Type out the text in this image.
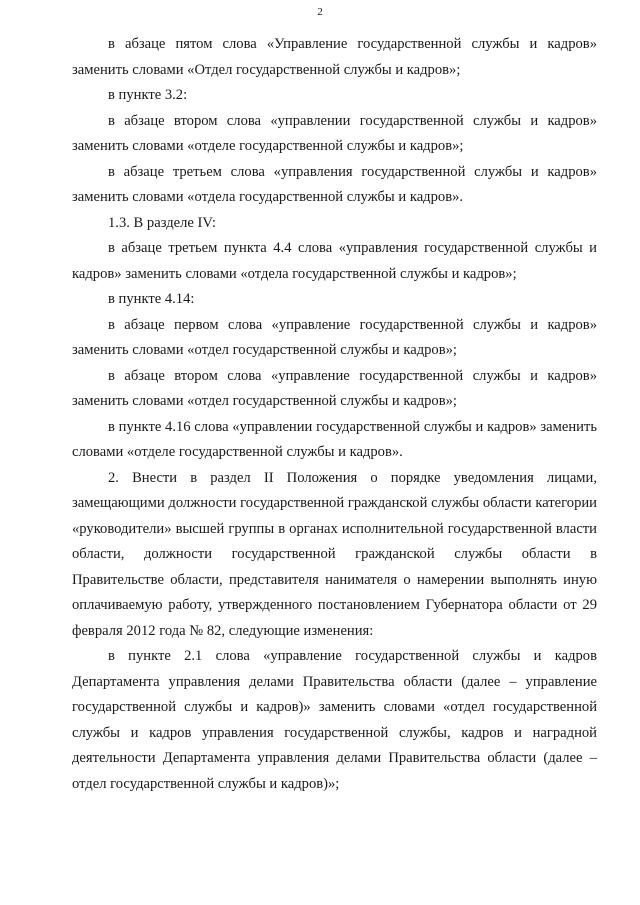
2

в абзаце пятом слова «Управление государственной службы и кадров» заменить словами «Отдел государственной службы и кадров»;

в пункте 3.2:

в абзаце втором слова «управлении государственной службы и кадров» заменить словами «отделе государственной службы и кадров»;

в абзаце третьем слова «управления государственной службы и кадров» заменить словами «отдела государственной службы и кадров».

1.3. В разделе IV:

в абзаце третьем пункта 4.4 слова «управления государственной службы и кадров» заменить словами «отдела государственной службы и кадров»;

в пункте 4.14:

в абзаце первом слова «управление государственной службы и кадров» заменить словами «отдел государственной службы и кадров»;

в абзаце втором слова «управление государственной службы и кадров» заменить словами «отдел государственной службы и кадров»;

в пункте 4.16 слова «управлении государственной службы и кадров» заменить словами «отделе государственной службы и кадров».

2. Внести в раздел II Положения о порядке уведомления лицами, замещающими должности государственной гражданской службы области категории «руководители» высшей группы в органах исполнительной государственной власти области, должности государственной гражданской службы области в Правительстве области, представителя нанимателя о намерении выполнять иную оплачиваемую работу, утвержденного постановлением Губернатора области от 29 февраля 2012 года № 82, следующие изменения:

в пункте 2.1 слова «управление государственной службы и кадров Департамента управления делами Правительства области (далее – управление государственной службы и кадров)» заменить словами «отдел государственной службы и кадров управления государственной службы, кадров и наградной деятельности Департамента управления делами Правительства области (далее – отдел государственной службы и кадров)»;
